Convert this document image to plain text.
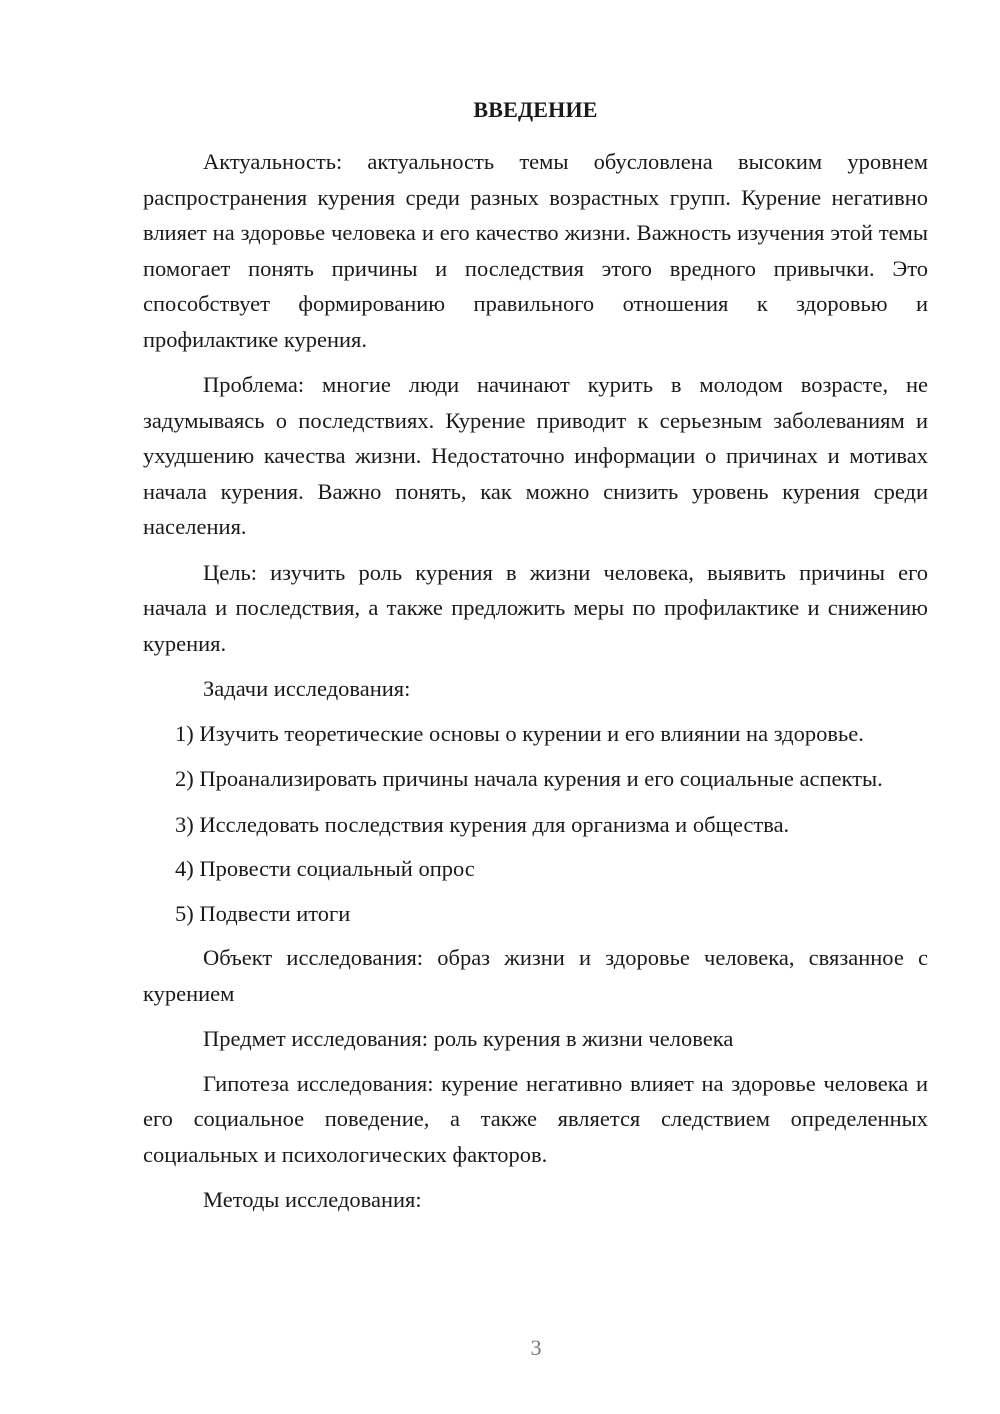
ВВЕДЕНИЕ

Актуальность: актуальность темы обусловлена высоким уровнем распространения курения среди разных возрастных групп. Курение негативно влияет на здоровье человека и его качество жизни. Важность изучения этой темы помогает понять причины и последствия этого вредного привычки. Это способствует формированию правильного отношения к здоровью и профилактике курения.

Проблема: многие люди начинают курить в молодом возрасте, не задумываясь о последствиях. Курение приводит к серьезным заболеваниям и ухудшению качества жизни. Недостаточно информации о причинах и мотивах начала курения. Важно понять, как можно снизить уровень курения среди населения.

Цель: изучить роль курения в жизни человека, выявить причины его начала и последствия, а также предложить меры по профилактике и снижению курения.

Задачи исследования:

1) Изучить теоретические основы о курении и его влиянии на здоровье.

2) Проанализировать причины начала курения и его социальные аспекты.

3) Исследовать последствия курения для организма и общества.

4) Провести социальный опрос

5) Подвести итоги

Объект исследования: образ жизни и здоровье человека, связанное с курением

Предмет исследования: роль курения в жизни человека

Гипотеза исследования: курение негативно влияет на здоровье человека и его социальное поведение, а также является следствием определенных социальных и психологических факторов.

Методы исследования:

3
